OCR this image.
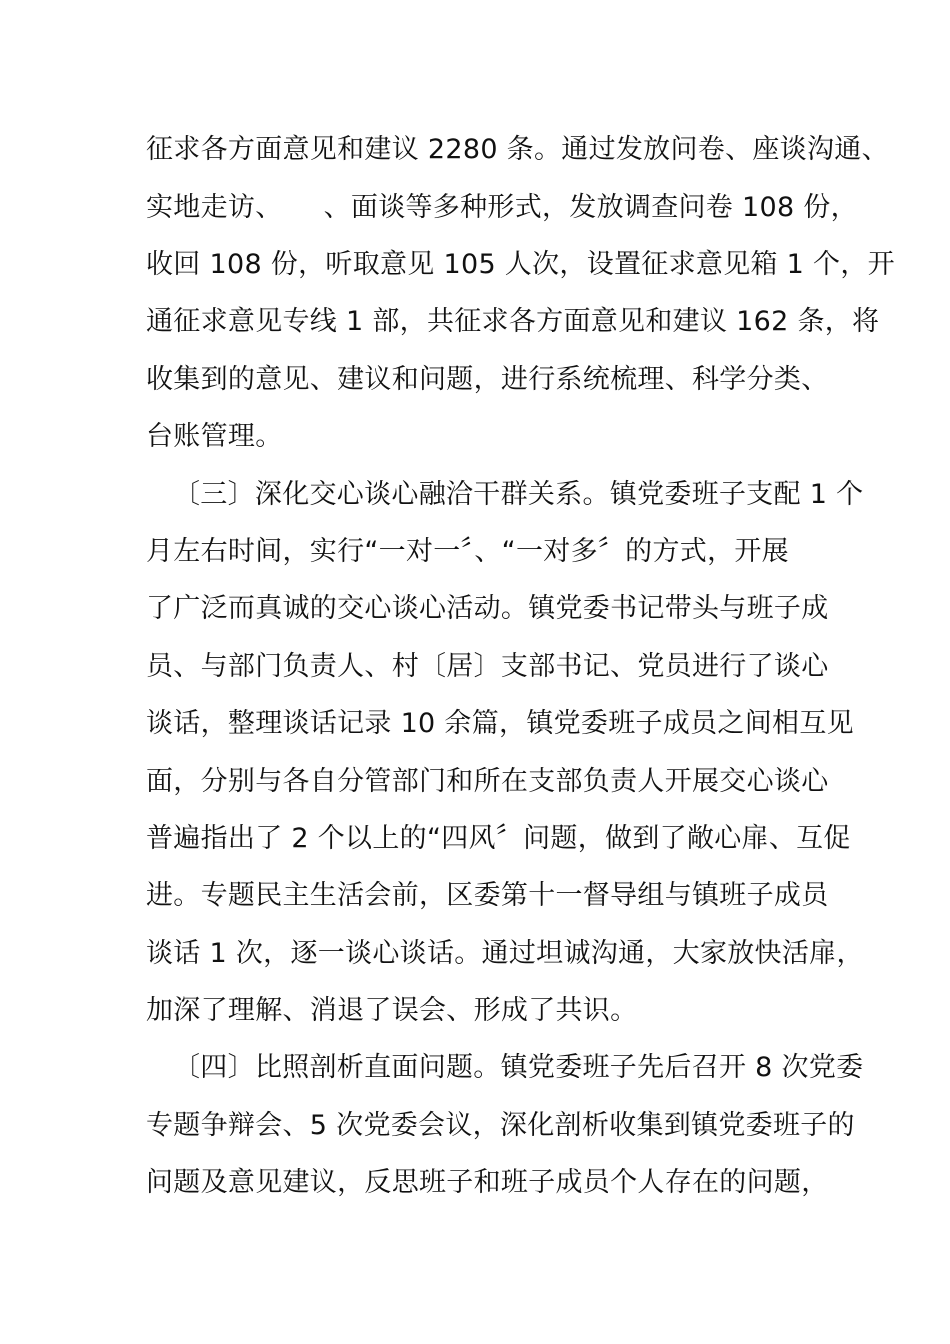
征求各方面意见和建议 2280 条。通过发放问卷、座谈沟通、
实地走访、　　、面谈等多种形式，发放调查问卷 108 份，
收回 108 份，听取意见 105 人次，设置征求意见箱 1 个，开
通征求意见专线 1 部，共征求各方面意见和建议 162 条，将
收集到的意见、建议和问题，进行系统梳理、科学分类、
台账管理。
〔三〕深化交心谈心融洽干群关系。镇党委班子支配 1 个
月左右时间，实行“一对一〞、“一对多〞的方式，开展
了广泛而真诚的交心谈心活动。镇党委书记带头与班子成
员、与部门负责人、村〔居〕支部书记、党员进行了谈心
谈话，整理谈话记录 10 余篇，镇党委班子成员之间相互见
面，分别与各自分管部门和所在支部负责人开展交心谈心
普遍指出了 2 个以上的“四风〞问题，做到了敞心扉、互促
进。专题民主生活会前，区委第十一督导组与镇班子成员
谈话 1 次，逐一谈心谈话。通过坦诚沟通，大家放快活扉，
加深了理解、消退了误会、形成了共识。
〔四〕比照剖析直面问题。镇党委班子先后召开 8 次党委
专题争辩会、5 次党委会议，深化剖析收集到镇党委班子的
问题及意见建议，反思班子和班子成员个人存在的问题，
